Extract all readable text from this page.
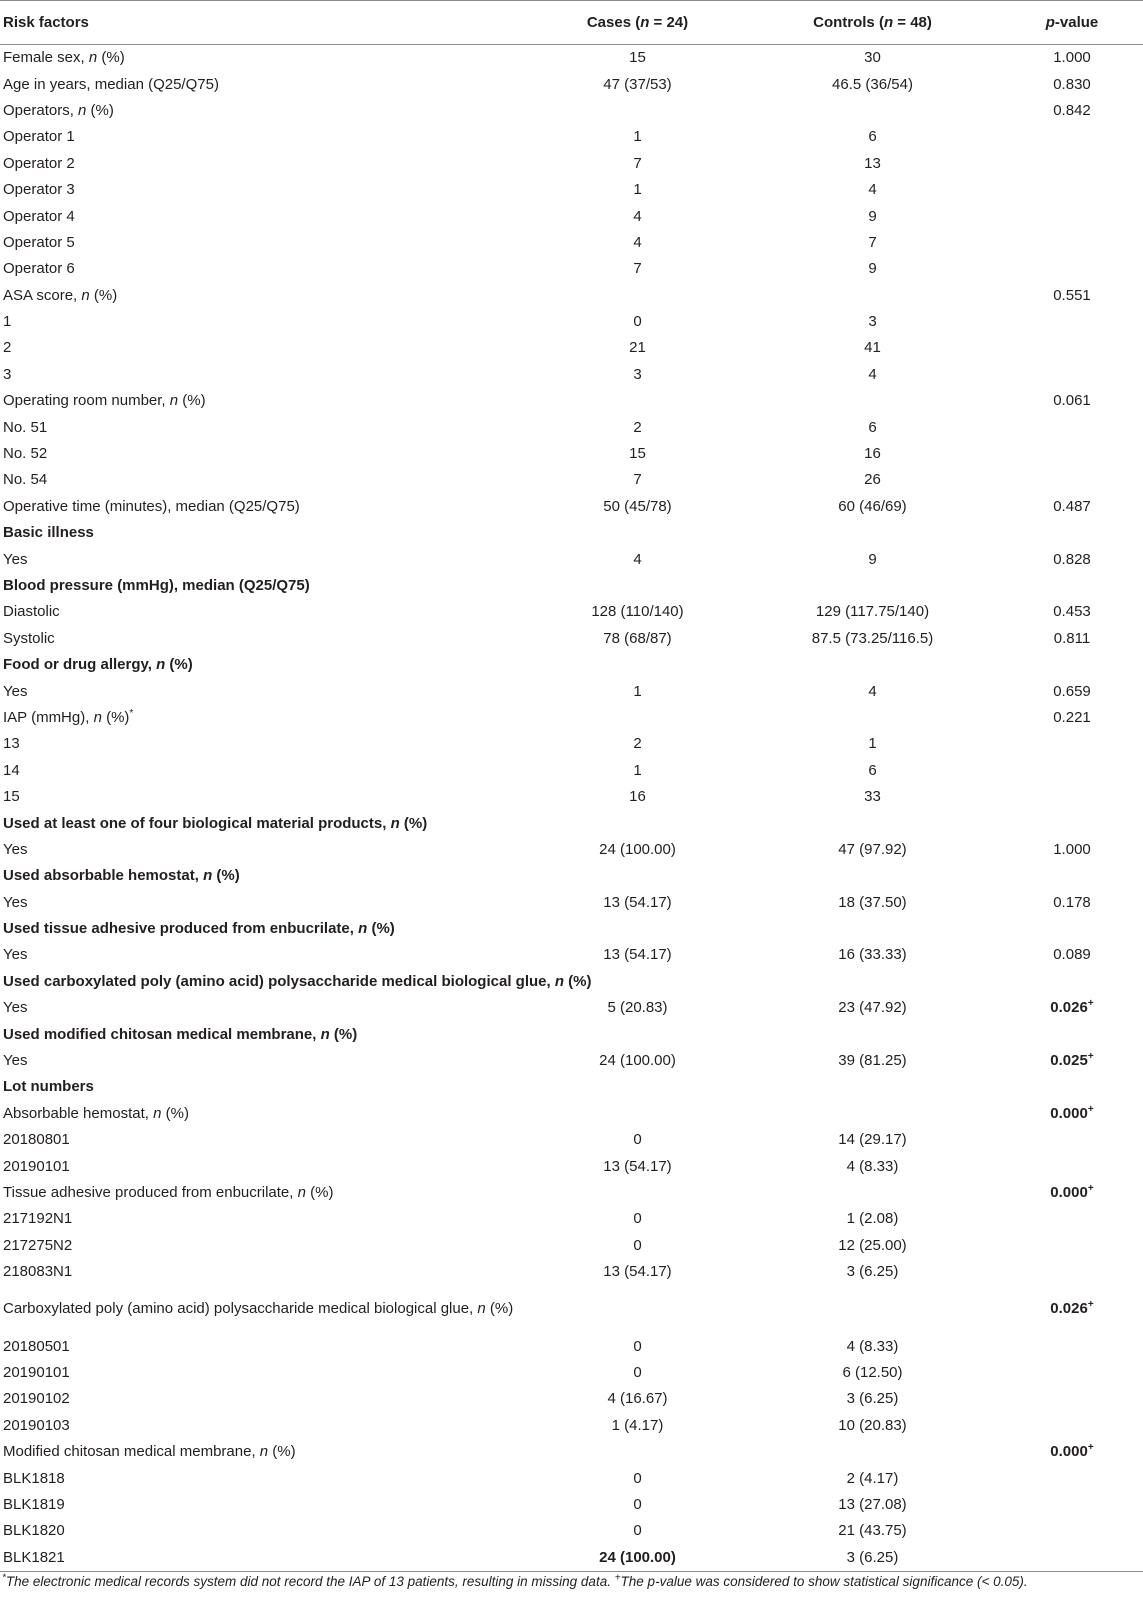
Risk factors	Cases (n = 24)	Controls (n = 48)	p-value
Female sex, n (%)	15	30	1.000
Age in years, median (Q25/Q75)	47 (37/53)	46.5 (36/54)	0.830
Operators, n (%)			0.842
Operator 1	1	6	
Operator 2	7	13	
Operator 3	1	4	
Operator 4	4	9	
Operator 5	4	7	
Operator 6	7	9	
ASA score, n (%)			0.551
1	0	3	
2	21	41	
3	3	4	
Operating room number, n (%)			0.061
No. 51	2	6	
No. 52	15	16	
No. 54	7	26	
Operative time (minutes), median (Q25/Q75)	50 (45/78)	60 (46/69)	0.487
Basic illness			
Yes	4	9	0.828
Blood pressure (mmHg), median (Q25/Q75)			
Diastolic	128 (110/140)	129 (117.75/140)	0.453
Systolic	78 (68/87)	87.5 (73.25/116.5)	0.811
Food or drug allergy, n (%)			
Yes	1	4	0.659
IAP (mmHg), n (%)*			0.221
13	2	1	
14	1	6	
15	16	33	
Used at least one of four biological material products, n (%)			
Yes	24 (100.00)	47 (97.92)	1.000
Used absorbable hemostat, n (%)			
Yes	13 (54.17)	18 (37.50)	0.178
Used tissue adhesive produced from enbucrilate, n (%)			
Yes	13 (54.17)	16 (33.33)	0.089
Used carboxylated poly (amino acid) polysaccharide medical biological glue, n (%)			
Yes	5 (20.83)	23 (47.92)	0.026+
Used modified chitosan medical membrane, n (%)			
Yes	24 (100.00)	39 (81.25)	0.025+
Lot numbers			
Absorbable hemostat, n (%)			0.000+
20180801	0	14 (29.17)	
20190101	13 (54.17)	4 (8.33)	
Tissue adhesive produced from enbucrilate, n (%)			0.000+
217192N1	0	1 (2.08)	
217275N2	0	12 (25.00)	
218083N1	13 (54.17)	3 (6.25)	
Carboxylated poly (amino acid) polysaccharide medical biological glue, n (%)			0.026+
20180501	0	4 (8.33)	
20190101	0	6 (12.50)	
20190102	4 (16.67)	3 (6.25)	
20190103	1 (4.17)	10 (20.83)	
Modified chitosan medical membrane, n (%)			0.000+
BLK1818	0	2 (4.17)	
BLK1819	0	13 (27.08)	
BLK1820	0	21 (43.75)	
BLK1821	24 (100.00)	3 (6.25)	
*The electronic medical records system did not record the IAP of 13 patients, resulting in missing data. +The p-value was considered to show statistical significance (< 0.05).
